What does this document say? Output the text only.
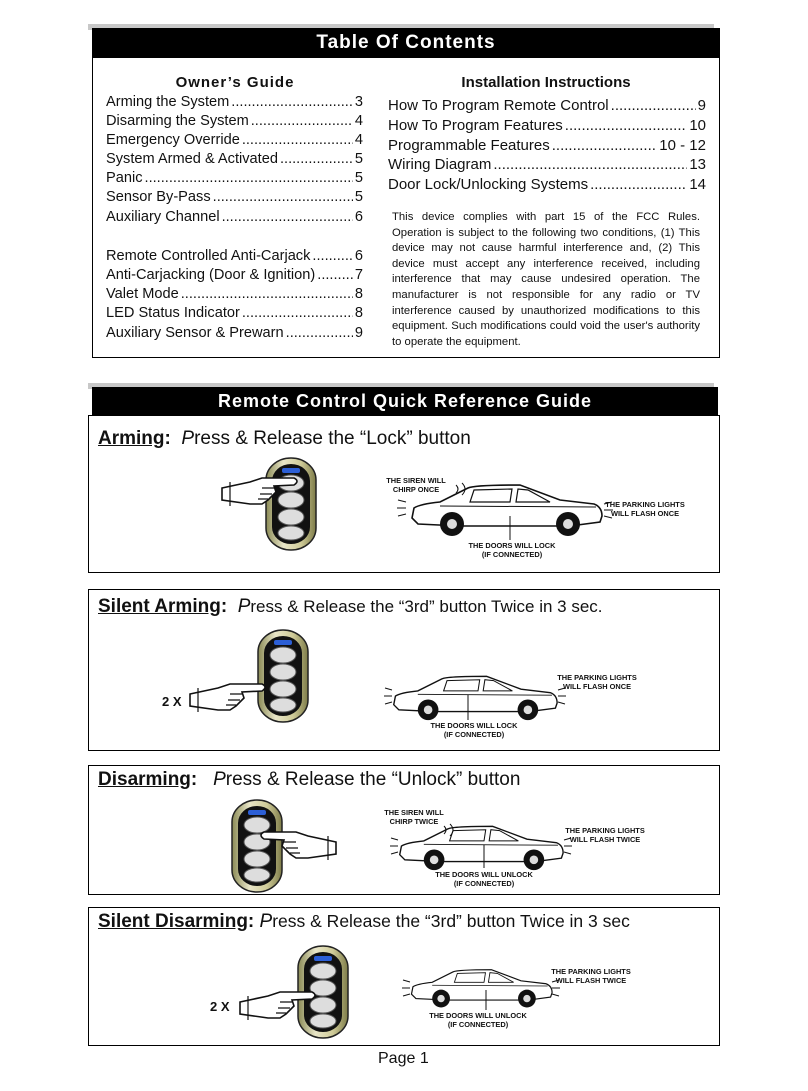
Table Of Contents
Owner’s Guide	Installation Instructions
Arming the System .....	3
Disarming the System .....	4
Emergency Override .....	4
System Armed & Activated .....	5
Panic .....	5
Sensor By-Pass .....	5
Auxiliary Channel .....	6
Remote Controlled Anti-Carjack .....	6
Anti-Carjacking (Door & Ignition) .....	7
Valet Mode .....	8
LED Status Indicator .....	8
Auxiliary Sensor & Prewarn .....	9
How To Program Remote Control .....	9
How To Program Features .....	10
Programmable Features .....	10 - 12
Wiring Diagram .....	13
Door Lock/Unlocking Systems .....	14
This device complies with part 15 of the FCC Rules. Operation is subject to the following two conditions, (1) This device may not cause harmful interference and, (2) This device must accept any interference received, including interference that may cause undesired operation. The manufacturer is not responsible for any radio or TV interference caused by unauthorized modifications to this equipment. Such modifications could void the user's authority to operate the equipment.
Remote Control Quick Reference Guide
Arming: Press & Release the “Lock” button
Silent Arming: Press & Release the “3rd” button Twice in 3 sec.
2 X
Disarming: Press & Release the “Unlock” button
Silent Disarming: Press & Release the “3rd” button Twice in 3 sec
2 X
THE SIREN WILL
CHIRP ONCE
THE PARKING LIGHTS
WILL FLASH ONCE
THE DOORS WILL LOCK
(IF CONNECTED)
THE PARKING LIGHTS
WILL FLASH ONCE
THE DOORS WILL LOCK
(IF CONNECTED)
THE SIREN WILL
CHIRP TWICE
THE PARKING LIGHTS
WILL FLASH TWICE
THE DOORS WILL UNLOCK
(IF CONNECTED)
THE PARKING LIGHTS
WILL FLASH TWICE
THE DOORS WILL UNLOCK
(IF CONNECTED)
Page 1
